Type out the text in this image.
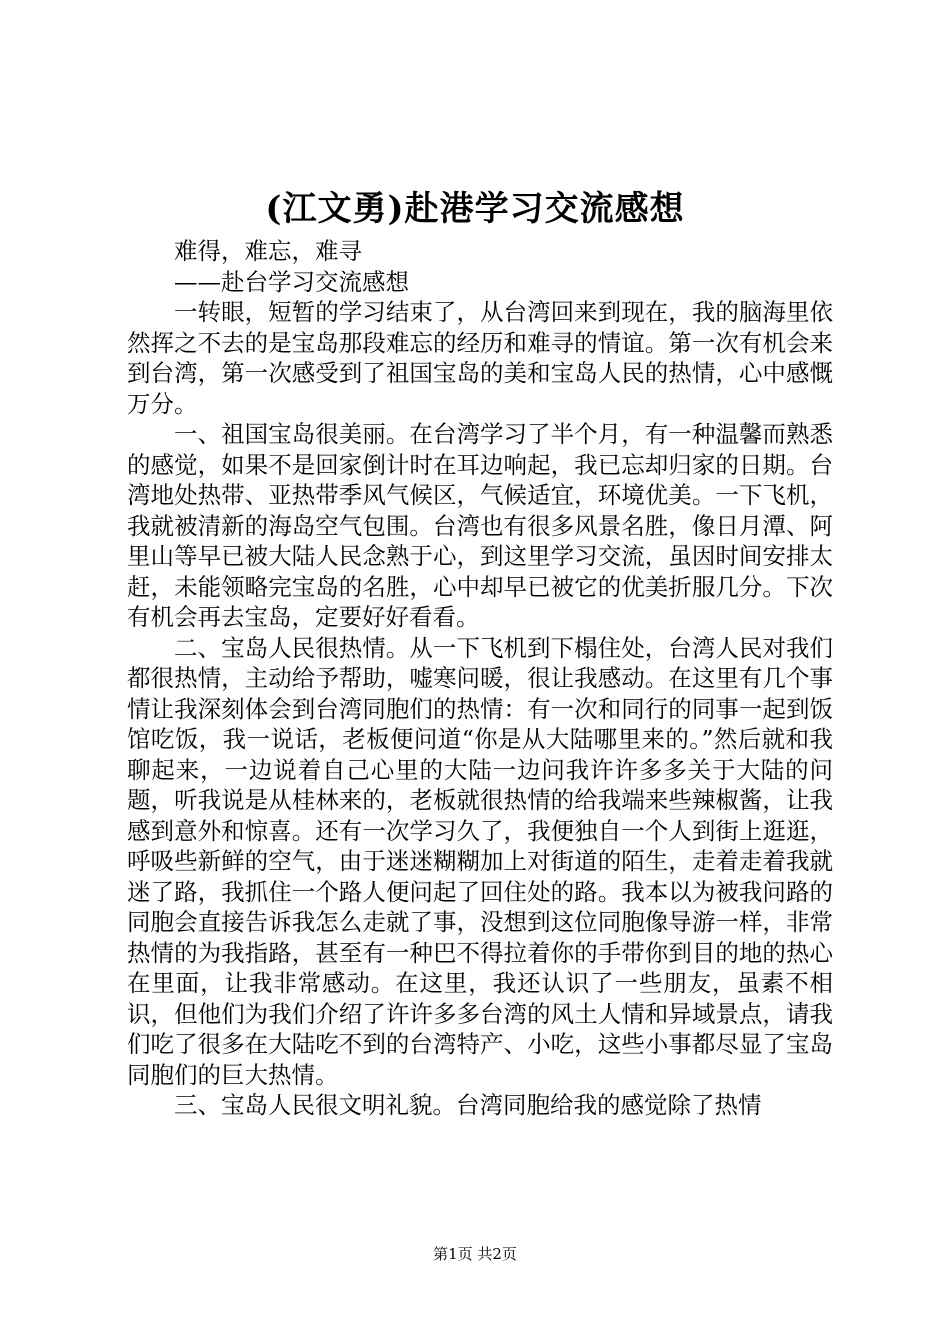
(江文勇)赴港学习交流感想

难得，难忘，难寻

——赴台学习交流感想

一转眼，短暂的学习结束了，从台湾回来到现在，我的脑海里依然挥之不去的是宝岛那段难忘的经历和难寻的情谊。第一次有机会来到台湾，第一次感受到了祖国宝岛的美和宝岛人民的热情，心中感慨万分。

一、祖国宝岛很美丽。在台湾学习了半个月，有一种温馨而熟悉的感觉，如果不是回家倒计时在耳边响起，我已忘却归家的日期。台湾地处热带、亚热带季风气候区，气候适宜，环境优美。一下飞机，我就被清新的海岛空气包围。台湾也有很多风景名胜，像日月潭、阿里山等早已被大陆人民念熟于心，到这里学习交流，虽因时间安排太赶，未能领略完宝岛的名胜，心中却早已被它的优美折服几分。下次有机会再去宝岛，定要好好看看。

二、宝岛人民很热情。从一下飞机到下榻住处，台湾人民对我们都很热情，主动给予帮助，嘘寒问暖，很让我感动。在这里有几个事情让我深刻体会到台湾同胞们的热情：有一次和同行的同事一起到饭馆吃饭，我一说话，老板便问道“你是从大陆哪里来的。”然后就和我聊起来，一边说着自己心里的大陆一边问我许许多多关于大陆的问题，听我说是从桂林来的，老板就很热情的给我端来些辣椒酱，让我感到意外和惊喜。还有一次学习久了，我便独自一个人到街上逛逛，呼吸些新鲜的空气，由于迷迷糊糊加上对街道的陌生，走着走着我就迷了路，我抓住一个路人便问起了回住处的路。我本以为被我问路的同胞会直接告诉我怎么走就了事，没想到这位同胞像导游一样，非常热情的为我指路，甚至有一种巴不得拉着你的手带你到目的地的热心在里面，让我非常感动。在这里，我还认识了一些朋友，虽素不相识，但他们为我们介绍了许许多多台湾的风土人情和异域景点，请我们吃了很多在大陆吃不到的台湾特产、小吃，这些小事都尽显了宝岛同胞们的巨大热情。

三、宝岛人民很文明礼貌。台湾同胞给我的感觉除了热情

第1页 共2页
